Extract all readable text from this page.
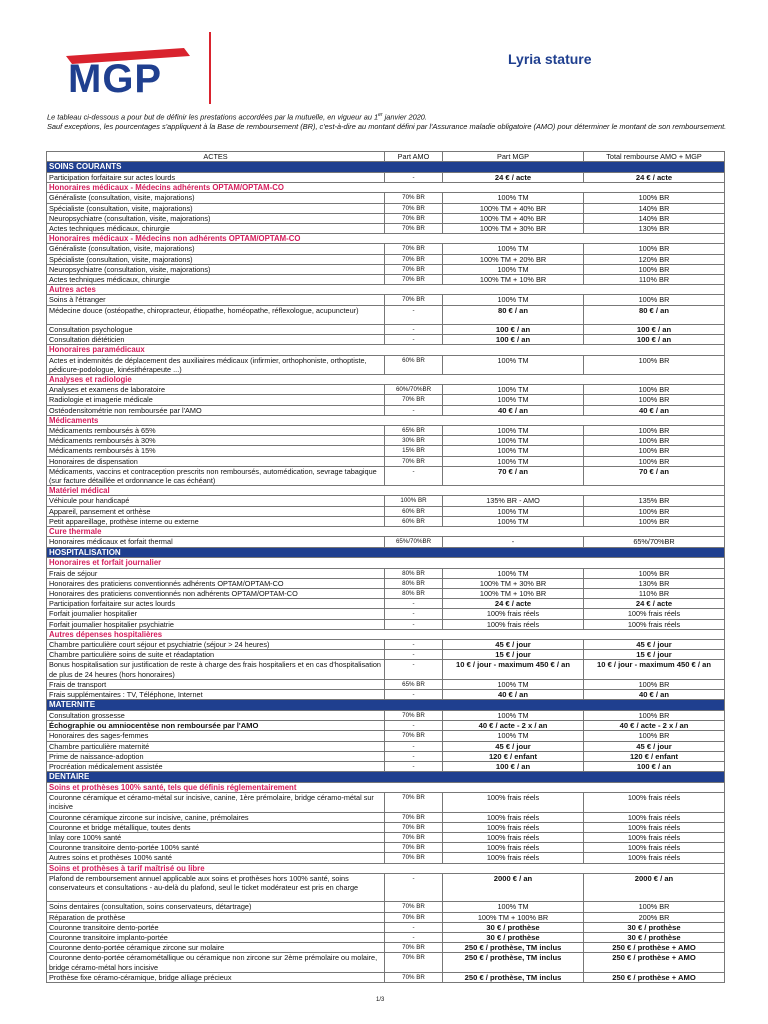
MGP	Lyria stature

Le tableau ci-dessous a pour but de définir les prestations accordées par la mutuelle, en vigueur au 1er janvier 2020.

Sauf exceptions, les pourcentages s'appliquent à la Base de remboursement (BR), c'est-à-dire au montant défini par l'Assurance maladie obligatoire (AMO) pour déterminer le montant de son remboursement.

ACTES	Part AMO	Part MGP	Total rembourse AMO + MGP
SOINS COURANTS			
Participation forfaitaire sur actes lourds	-	24 € / acte	24 € / acte
Honoraires médicaux - Médecins adhérents OPTAM/OPTAM-CO			
Généraliste (consultation, visite, majorations)	70% BR	100% TM	100% BR
Spécialiste (consultation, visite, majorations)	70% BR	100% TM + 40% BR	140% BR
Neuropsychiatre (consultation, visite, majorations)	70% BR	100% TM + 40% BR	140% BR
Actes techniques médicaux, chirurgie	70% BR	100% TM + 30% BR	130% BR
Honoraires médicaux - Médecins non adhérents OPTAM/OPTAM-CO			
Généraliste (consultation, visite, majorations)	70% BR	100% TM	100% BR
Spécialiste (consultation, visite, majorations)	70% BR	100% TM + 20% BR	120% BR
Neuropsychiatre (consultation, visite, majorations)	70% BR	100% TM	100% BR
Actes techniques médicaux, chirurgie	70% BR	100% TM + 10% BR	110% BR
Autres actes			
Soins à l'étranger	70% BR	100% TM	100% BR
Médecine douce (ostéopathe, chiropracteur, étiopathe, homéopathe, réflexologue, acupuncteur)	-	80 € / an	80 € / an
Consultation psychologue	-	100 € / an	100 € / an
Consultation diététicien	-	100 € / an	100 € / an
Honoraires paramédicaux			
Actes et indemnités de déplacement des auxiliaires médicaux (infirmier, orthophoniste, orthoptiste, pédicure-podologue, kinésithérapeute ...)	60% BR	100% TM	100% BR
Analyses et radiologie			
Analyses et examens de laboratoire	60%/70%BR	100% TM	100% BR
Radiologie et imagerie médicale	70% BR	100% TM	100% BR
Ostéodensitométrie non remboursée par l'AMO	-	40 € / an	40 € / an
Médicaments			
Médicaments remboursés à 65%	65% BR	100% TM	100% BR
Médicaments remboursés à 30%	30% BR	100% TM	100% BR
Médicaments remboursés à 15%	15% BR	100% TM	100% BR
Honoraires de dispensation	70% BR	100% TM	100% BR
Médicaments, vaccins et contraception prescrits non remboursés, automédication, sevrage tabagique (sur facture détaillée et ordonnance le cas échéant)	-	70 € / an	70 € / an
Matériel médical			
Véhicule pour handicapé	100% BR	135% BR - AMO	135% BR
Appareil, pansement et orthèse	60% BR	100% TM	100% BR
Petit appareillage, prothèse interne ou externe	60% BR	100% TM	100% BR
Cure thermale			
Honoraires médicaux et forfait thermal	65%/70%BR	-	65%/70%BR
HOSPITALISATION			
Honoraires et forfait journalier			
Frais de séjour	80% BR	100% TM	100% BR
Honoraires des praticiens conventionnés adhérents OPTAM/OPTAM-CO	80% BR	100% TM + 30% BR	130% BR
Honoraires des praticiens conventionnés non adhérents OPTAM/OPTAM-CO	80% BR	100% TM + 10% BR	110% BR
Participation forfaitaire sur actes lourds	-	24 € / acte	24 € / acte
Forfait journalier hospitalier	-	100% frais réels	100% frais réels
Forfait journalier hospitalier psychiatrie	-	100% frais réels	100% frais réels
Autres dépenses hospitalières			
Chambre particulière court séjour et psychiatrie (séjour > 24 heures)	-	45 € / jour	45 € / jour
Chambre particulière soins de suite et réadaptation	-	15 € / jour	15 € / jour
Bonus hospitalisation sur justification de reste à charge des frais hospitaliers et en cas d'hospitalisation de plus de 24 heures (hors honoraires)	-	10 € / jour - maximum 450 € / an	10 € / jour - maximum 450 € / an
Frais de transport	65% BR	100% TM	100% BR
Frais supplémentaires : TV, Téléphone, Internet	-	40 € / an	40 € / an
MATERNITE			
Consultation grossesse	70% BR	100% TM	100% BR
Échographie ou amniocentèse non remboursée par l'AMO	-	40 € / acte - 2 x / an	40 € / acte - 2 x / an
Honoraires des sages-femmes	70% BR	100% TM	100% BR
Chambre particulière maternité	-	45 € / jour	45 € / jour
Prime de naissance-adoption	-	120 € / enfant	120 € / enfant
Procréation médicalement assistée	-	100 € / an	100 € / an
DENTAIRE			
Soins et prothèses 100% santé, tels que définis réglementairement			
Couronne céramique et céramo-métal sur incisive, canine, 1ère prémolaire, bridge céramo-métal sur incisive	70% BR	100% frais réels	100% frais réels
Couronne céramique zircone sur incisive, canine, prémolaires	70% BR	100% frais réels	100% frais réels
Couronne et bridge métallique, toutes dents	70% BR	100% frais réels	100% frais réels
Inlay core 100% santé	70% BR	100% frais réels	100% frais réels
Couronne transitoire dento-portée 100% santé	70% BR	100% frais réels	100% frais réels
Autres soins et prothèses 100% santé	70% BR	100% frais réels	100% frais réels
Soins et prothèses à tarif maîtrisé ou libre			
Plafond de remboursement annuel applicable aux soins et prothèses hors 100% santé, soins conservateurs et consultations - au-delà du plafond, seul le ticket modérateur est pris en charge	-	2000 € / an	2000 € / an
Soins dentaires (consultation, soins conservateurs, détartrage)	70% BR	100% TM	100% BR
Réparation de prothèse	70% BR	100% TM + 100% BR	200% BR
Couronne transitoire dento-portée	-	30 € / prothèse	30 € / prothèse
Couronne transitoire implanto-portée	-	30 € / prothèse	30 € / prothèse
Couronne dento-portée céramique zircone sur molaire	70% BR	250 € / prothèse, TM inclus	250 € / prothèse + AMO
Couronne dento-portée céramométallique ou céramique non zircone sur 2ème prémolaire ou molaire, bridge céramo-métal hors incisive	70% BR	250 € / prothèse, TM inclus	250 € / prothèse + AMO
Prothèse fixe céramo-céramique, bridge alliage précieux	70% BR	250 € / prothèse, TM inclus	250 € / prothèse + AMO
1/3
